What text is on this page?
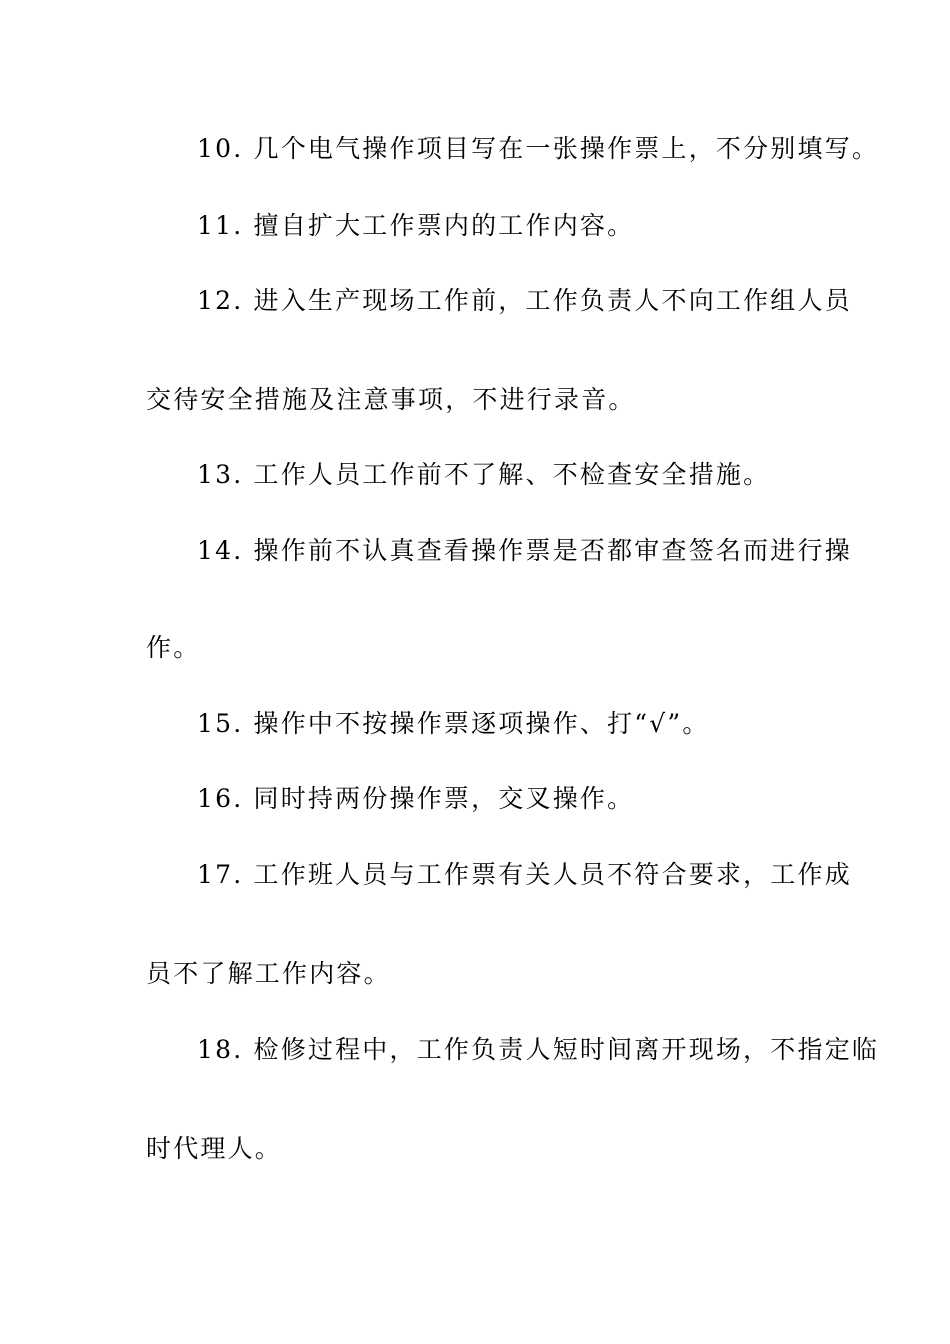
10. 几个电气操作项目写在一张操作票上，不分别填写。
11. 擅自扩大工作票内的工作内容。
12. 进入生产现场工作前，工作负责人不向工作组人员
交待安全措施及注意事项，不进行录音。
13. 工作人员工作前不了解、不检查安全措施。
14. 操作前不认真查看操作票是否都审查签名而进行操
作。
15. 操作中不按操作票逐项操作、打“√”。
16. 同时持两份操作票，交叉操作。
17. 工作班人员与工作票有关人员不符合要求，工作成
员不了解工作内容。
18. 检修过程中，工作负责人短时间离开现场，不指定临
时代理人。
